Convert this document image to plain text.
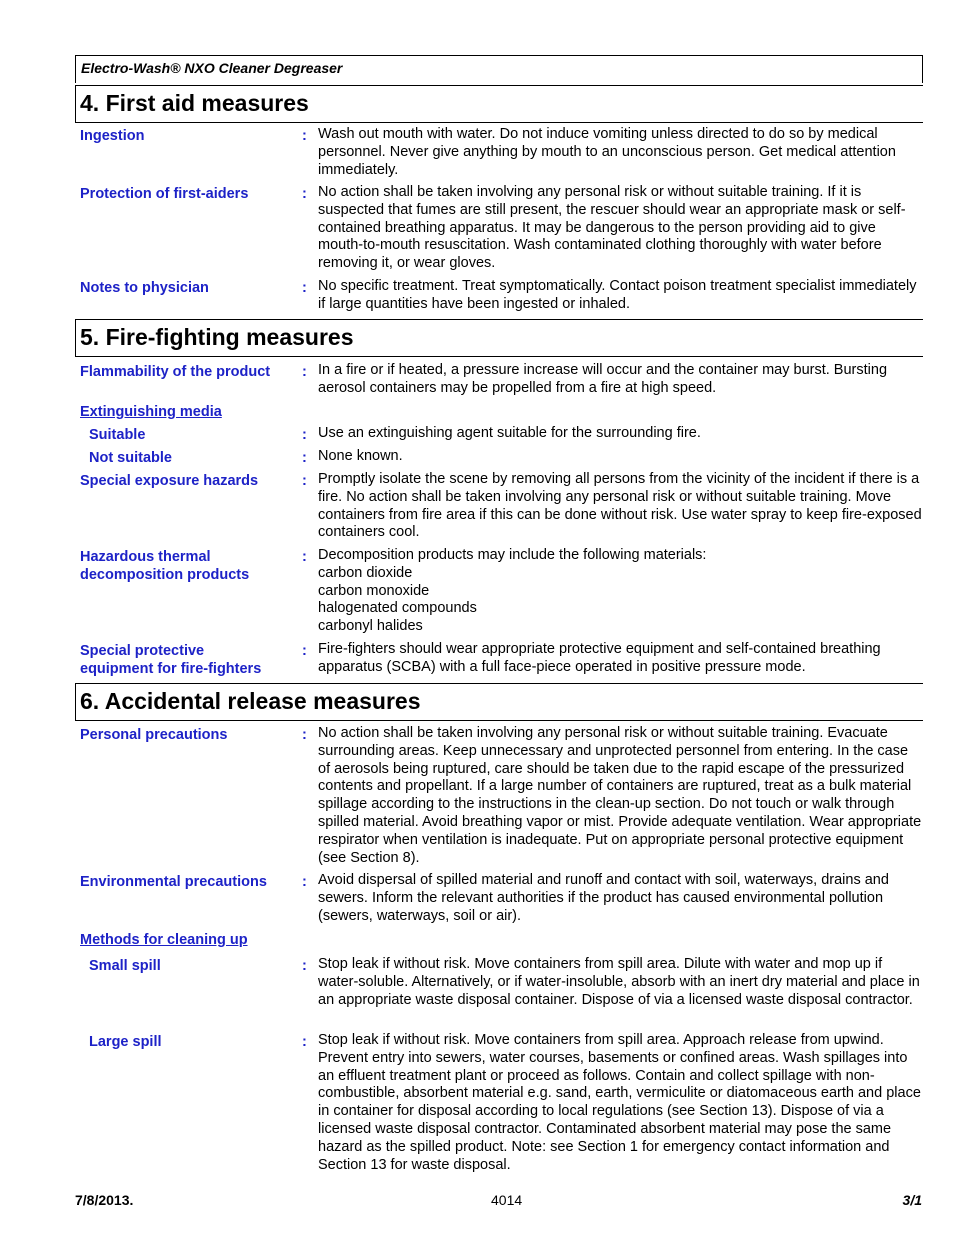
Electro-Wash® NXO Cleaner Degreaser
4. First aid measures
Ingestion	: Wash out mouth with water. Do not induce vomiting unless directed to do so by medical personnel. Never give anything by mouth to an unconscious person. Get medical attention immediately.
Protection of first-aiders	: No action shall be taken involving any personal risk or without suitable training. If it is suspected that fumes are still present, the rescuer should wear an appropriate mask or self-contained breathing apparatus. It may be dangerous to the person providing aid to give mouth-to-mouth resuscitation. Wash contaminated clothing thoroughly with water before removing it, or wear gloves.
Notes to physician	: No specific treatment. Treat symptomatically. Contact poison treatment specialist immediately if large quantities have been ingested or inhaled.
5. Fire-fighting measures
Flammability of the product	: In a fire or if heated, a pressure increase will occur and the container may burst. Bursting aerosol containers may be propelled from a fire at high speed.
Extinguishing media
Suitable	: Use an extinguishing agent suitable for the surrounding fire.
Not suitable	: None known.
Special exposure hazards	: Promptly isolate the scene by removing all persons from the vicinity of the incident if there is a fire. No action shall be taken involving any personal risk or without suitable training. Move containers from fire area if this can be done without risk. Use water spray to keep fire-exposed containers cool.
Hazardous thermal decomposition products
: Decomposition products may include the following materials:
carbon dioxide
carbon monoxide
halogenated compounds
carbonyl halides
Special protective equipment for fire-fighters
: Fire-fighters should wear appropriate protective equipment and self-contained breathing apparatus (SCBA) with a full face-piece operated in positive pressure mode.
6. Accidental release measures
Personal precautions	: No action shall be taken involving any personal risk or without suitable training. Evacuate surrounding areas. Keep unnecessary and unprotected personnel from entering. In the case of aerosols being ruptured, care should be taken due to the rapid escape of the pressurized contents and propellant. If a large number of containers are ruptured, treat as a bulk material spillage according to the instructions in the clean-up section. Do not touch or walk through spilled material. Avoid breathing vapor or mist. Provide adequate ventilation. Wear appropriate respirator when ventilation is inadequate. Put on appropriate personal protective equipment (see Section 8).
Environmental precautions	: Avoid dispersal of spilled material and runoff and contact with soil, waterways, drains and sewers. Inform the relevant authorities if the product has caused environmental pollution (sewers, waterways, soil or air).
Methods for cleaning up
Small spill	: Stop leak if without risk. Move containers from spill area. Dilute with water and mop up if water-soluble. Alternatively, or if water-insoluble, absorb with an inert dry material and place in an appropriate waste disposal container. Dispose of via a licensed waste disposal contractor.
Large spill	: Stop leak if without risk. Move containers from spill area. Approach release from upwind. Prevent entry into sewers, water courses, basements or confined areas. Wash spillages into an effluent treatment plant or proceed as follows. Contain and collect spillage with non-combustible, absorbent material e.g. sand, earth, vermiculite or diatomaceous earth and place in container for disposal according to local regulations (see Section 13). Dispose of via a licensed waste disposal contractor. Contaminated absorbent material may pose the same hazard as the spilled product. Note: see Section 1 for emergency contact information and Section 13 for waste disposal.
7/8/2013.	4014	3/1
